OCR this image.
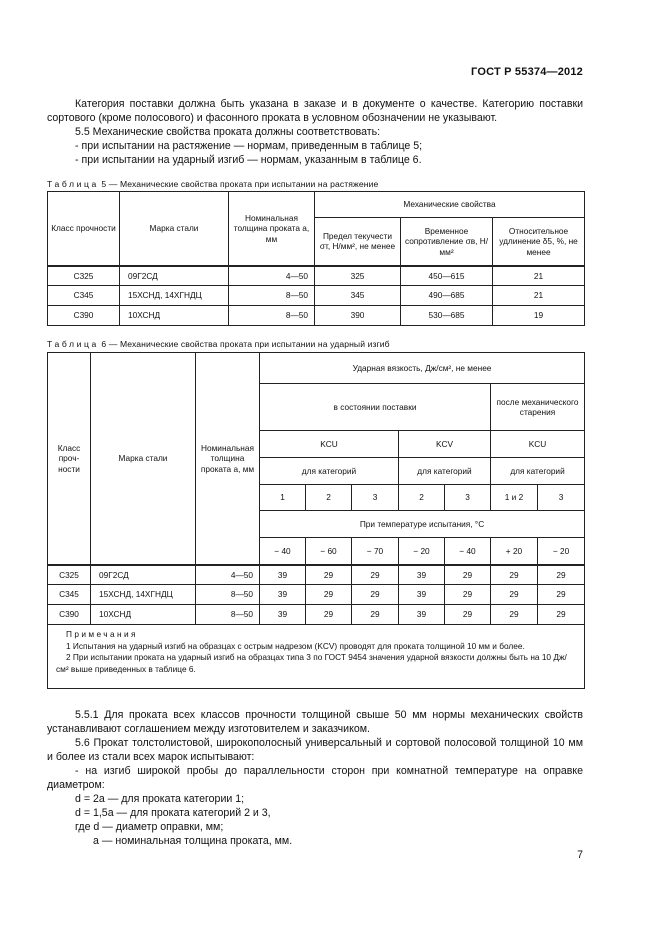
ГОСТ Р 55374—2012

Категория поставки должна быть указана в заказе и в документе о качестве. Категорию поставки сортового (кроме полосового) и фасонного проката в условном обозначении не указывают.

5.5 Механические свойства проката должны соответствовать:

- при испытании на растяжение — нормам, приведенным в таблице 5;

- при испытании на ударный изгиб — нормам, указанным в таблице 6.

Таблица 5 — Механические свойства проката при испытании на растяжение
Класс прочности	Марка стали	Номинальная толщина проката a, мм	Механические свойства		
			Предел текучести σт, Н/мм², не менее	Временное сопротивление σв, Н/мм²	Относительное удлинение δ5, %, не менее
С325	09Г2СД	4—50	325	450—615	21
С345	15ХСНД, 14ХГНДЦ	8—50	345	490—685	21
С390	10ХСНД	8—50	390	530—685	19
Таблица 6 — Механические свойства проката при испытании на ударный изгиб
Класс проч-ности	Марка стали	Номинальная толщина проката a, мм	Ударная вязкость, Дж/см², не менее						
			в состоянии поставки					после механического старения	
			KCU			KCV		KCU	
			для категорий			для категорий		для категорий	
			1	2	3	2	3	1 и 2	3
			При температуре испытания, °С						
			− 40	− 60	− 70	− 20	− 40	+ 20	− 20
С325	09Г2СД	4—50	39	29	29	39	29	29	29
С345	15ХСНД, 14ХГНДЦ	8—50	39	29	29	39	29	29	29
С390	10ХСНД	8—50	39	29	29	39	29	29	29

Примечания
1 Испытания на ударный изгиб на образцах с острым надрезом (KCV) проводят для проката толщиной 10 мм и более.
2 При испытании проката на ударный изгиб на образцах типа 3 по ГОСТ 9454 значения ударной вязкости должны быть на 10 Дж/см² выше приведенных в таблице 6.									

5.5.1 Для проката всех классов прочности толщиной свыше 50 мм нормы механических свойств устанавливают соглашением между изготовителем и заказчиком.

5.6 Прокат толстолистовой, широкополосный универсальный и сортовой полосовой толщиной 10 мм и более из стали всех марок испытывают:

- на изгиб широкой пробы до параллельности сторон при комнатной температуре на оправке диаметром:

d = 2a — для проката категории 1;

d = 1,5a — для проката категорий 2 и 3,

где d — диаметр оправки, мм;

a — номинальная толщина проката, мм.

7
